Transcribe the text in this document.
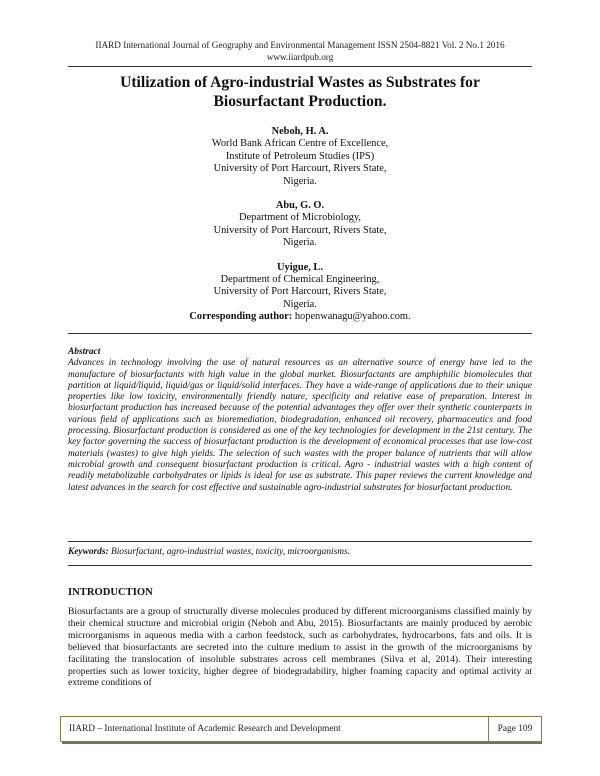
IIARD International Journal of Geography and Environmental Management ISSN 2504-8821 Vol. 2 No.1 2016
www.iiardpub.org
Utilization of Agro-industrial Wastes as Substrates for
Biosurfactant Production.
Neboh, H. A.
World Bank African Centre of Excellence,
Institute of Petroleum Studies (IPS)
University of Port Harcourt, Rivers State,
Nigeria.
Abu, G. O.
Department of Microbiology,
University of Port Harcourt, Rivers State,
Nigeria.
Uyigue, L.
Department of Chemical Engineering,
University of Port Harcourt, Rivers State,
Nigeria.
Corresponding author: hopenwanagu@yahoo.com.
Abstract
Advances in technology involving the use of natural resources as an alternative source of energy have led to the manufacture of biosurfactants with high value in the global market. Biosurfactants are amphiphilic biomolecules that partition at liquid/liquid, liquid/gas or liquid/solid interfaces. They have a wide-range of applications due to their unique properties like low toxicity, environmentally friendly nature, specificity and relative ease of preparation. Interest in biosurfactant production has increased because of the potential advantages they offer over their synthetic counterparts in various field of applications such as bioremediation, biodegradation, enhanced oil recovery, pharmaceutics and food processing. Biosurfactant production is considered as one of the key technologies for development in the 21st century. The key factor governing the success of biosurfactant production is the development of economical processes that use low-cost materials (wastes) to give high yields. The selection of such wastes with the proper balance of nutrients that will allow microbial growth and consequent biosurfactant production is critical. Agro - industrial wastes with a high content of readily metabolizable carbohydrates or lipids is ideal for use as substrate. This paper reviews the current knowledge and latest advances in the search for cost effective and sustainable agro-industrial substrates for biosurfactant production.
Keywords: Biosurfactant, agro-industrial wastes, toxicity, microorganisms.
INTRODUCTION
Biosurfactants are a group of structurally diverse molecules produced by different microorganisms classified mainly by their chemical structure and microbial origin (Neboh and Abu, 2015). Biosurfactants are mainly produced by aerobic microorganisms in aqueous media with a carbon feedstock, such as carbohydrates, hydrocarbons, fats and oils. It is believed that biosurfactants are secreted into the culture medium to assist in the growth of the microorganisms by facilitating the translocation of insoluble substrates across cell membranes (Silva et al, 2014). Their interesting properties such as lower toxicity, higher degree of biodegradability, higher foaming capacity and optimal activity at extreme conditions of
IIARD – International Institute of Academic Research and Development	Page 109
